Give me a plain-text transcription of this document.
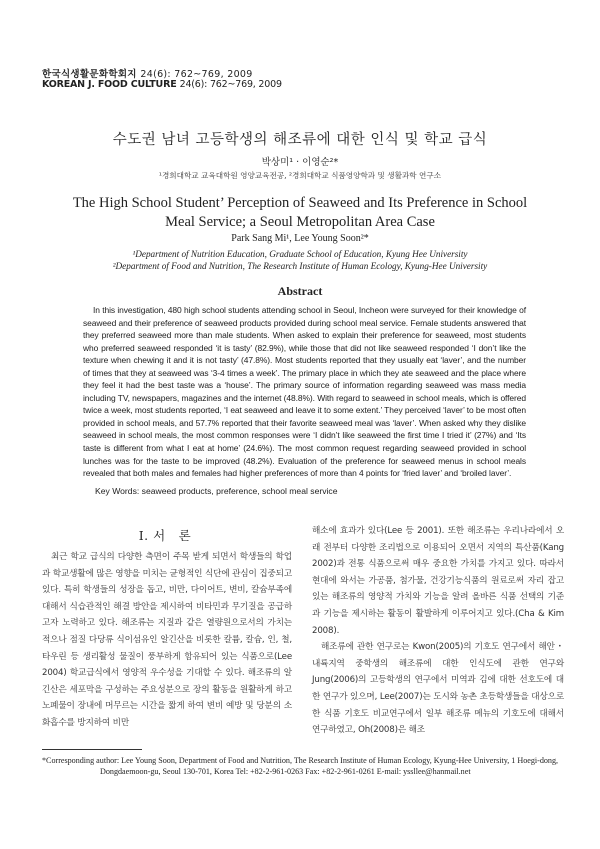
한국식생활문화학회지 24(6): 762~769, 2009
KOREAN J. FOOD CULTURE 24(6): 762~769, 2009
수도권 남녀 고등학생의 해조류에 대한 인식 및 학교 급식
박상미¹ · 이영순²*
¹경희대학교 교육대학원 영양교육전공, ²경희대학교 식품영양학과 및 생활과학 연구소
The High School Student’ Perception of Seaweed and Its Preference in School Meal Service; a Seoul Metropolitan Area Case
Park Sang Mi¹, Lee Young Soon²*
¹Department of Nutrition Education, Graduate School of Education, Kyung Hee University
²Department of Food and Nutrition, The Research Institute of Human Ecology, Kyung-Hee University
Abstract
In this investigation, 480 high school students attending school in Seoul, Incheon were surveyed for their knowledge of seaweed and their preference of seaweed products provided during school meal service. Female students answered that they preferred seaweed more than male students. When asked to explain their preference for seaweed, most students who preferred seaweed responded ‘it is tasty’ (82.9%), while those that did not like seaweed responded ‘I don’t like the texture when chewing it and it is not tasty’ (47.8%). Most students reported that they usually eat ‘laver’, and the number of times that they at seaweed was ‘3-4 times a week’. The primary place in which they ate seaweed and the place where they feel it had the best taste was a ‘house’. The primary source of information regarding seaweed was mass media including TV, newspapers, magazines and the internet (48.8%). With regard to seaweed in school meals, which is offered twice a week, most students reported, ‘I eat seaweed and leave it to some extent.’ They perceived ‘laver’ to be most often provided in school meals, and 57.7% reported that their favorite seaweed meal was ‘laver’. When asked why they dislike seaweed in school meals, the most common responses were ‘I didn’t like seaweed the first time I tried it’ (27%) and ‘Its taste is different from what I eat at home’ (24.6%). The most common request regarding seaweed provided in school lunches was for the taste to be improved (48.2%). Evaluation of the preference for seaweed menus in school meals revealed that both males and females had higher preferences of more than 4 points for ‘fried laver’ and ‘broiled laver’.
Key Words: seaweed products, preference, school meal service
I. 서　론
최근 학교 급식의 다양한 측면이 주목 받게 되면서 학생들의 학업과 학교생활에 많은 영향을 미치는 균형적인 식단에 관심이 집중되고 있다. 특히 학생들의 성장을 돕고, 비만, 다이어트, 변비, 칼슘부족에 대해서 식습관적인 해결 방안을 제시하여 비타민과 무기질을 공급하고자 노력하고 있다. 해조류는 지질과 같은 열량원으로서의 가치는 적으나 점질 다당류 식이섬유인 알긴산을 비롯한 칼륨, 칼슘, 인, 철, 타우린 등 생리활성 물질이 풍부하게 함유되어 있는 식품으로(Lee 2004) 학교급식에서 영양적 우수성을 기대할 수 있다. 해조류의 알긴산은 세포막을 구성하는 주요성분으로 장의 활동을 원활하게 하고 노폐물이 장내에 머무르는 시간을 짧게 하여 변비 예방 및 당분의 소화흡수를 방지하여 비만

해소에 효과가 있다(Lee 등 2001). 또한 해조류는 우리나라에서 오래 전부터 다양한 조리법으로 이용되어 오면서 지역의 특산품(Kang 2002)과 전통 식품으로써 매우 중요한 가치를 가지고 있다. 따라서 현대에 와서는 가공품, 첨가물, 건강기능식품의 원료로써 자리 잡고 있는 해조류의 영양적 가치와 기능을 알려 올바른 식품 선택의 기준과 기능을 제시하는 활동이 활발하게 이루어지고 있다.(Cha & Kim 2008).

해조류에 관한 연구로는 Kwon(2005)의 기호도 연구에서 해안・내륙지역 중학생의 해조류에 대한 인식도에 관한 연구와 Jung(2006)의 고등학생의 연구에서 미역과 김에 대한 선호도에 대한 연구가 있으며, Lee(2007)는 도시와 농촌 초등학생들을 대상으로 한 식품 기호도 비교연구에서 일부 해조류 메뉴의 기호도에 대해서 연구하였고, Oh(2008)은 해조

*Corresponding author: Lee Young Soon, Department of Food and Nutrition, The Research Institute of Human Ecology, Kyung-Hee University, 1 Hoegi-dong,
Dongdaemoon-gu, Seoul 130-701, Korea Tel: +82-2-961-0263 Fax: +82-2-961-0261 E-mail: yssllee@hanmail.net
